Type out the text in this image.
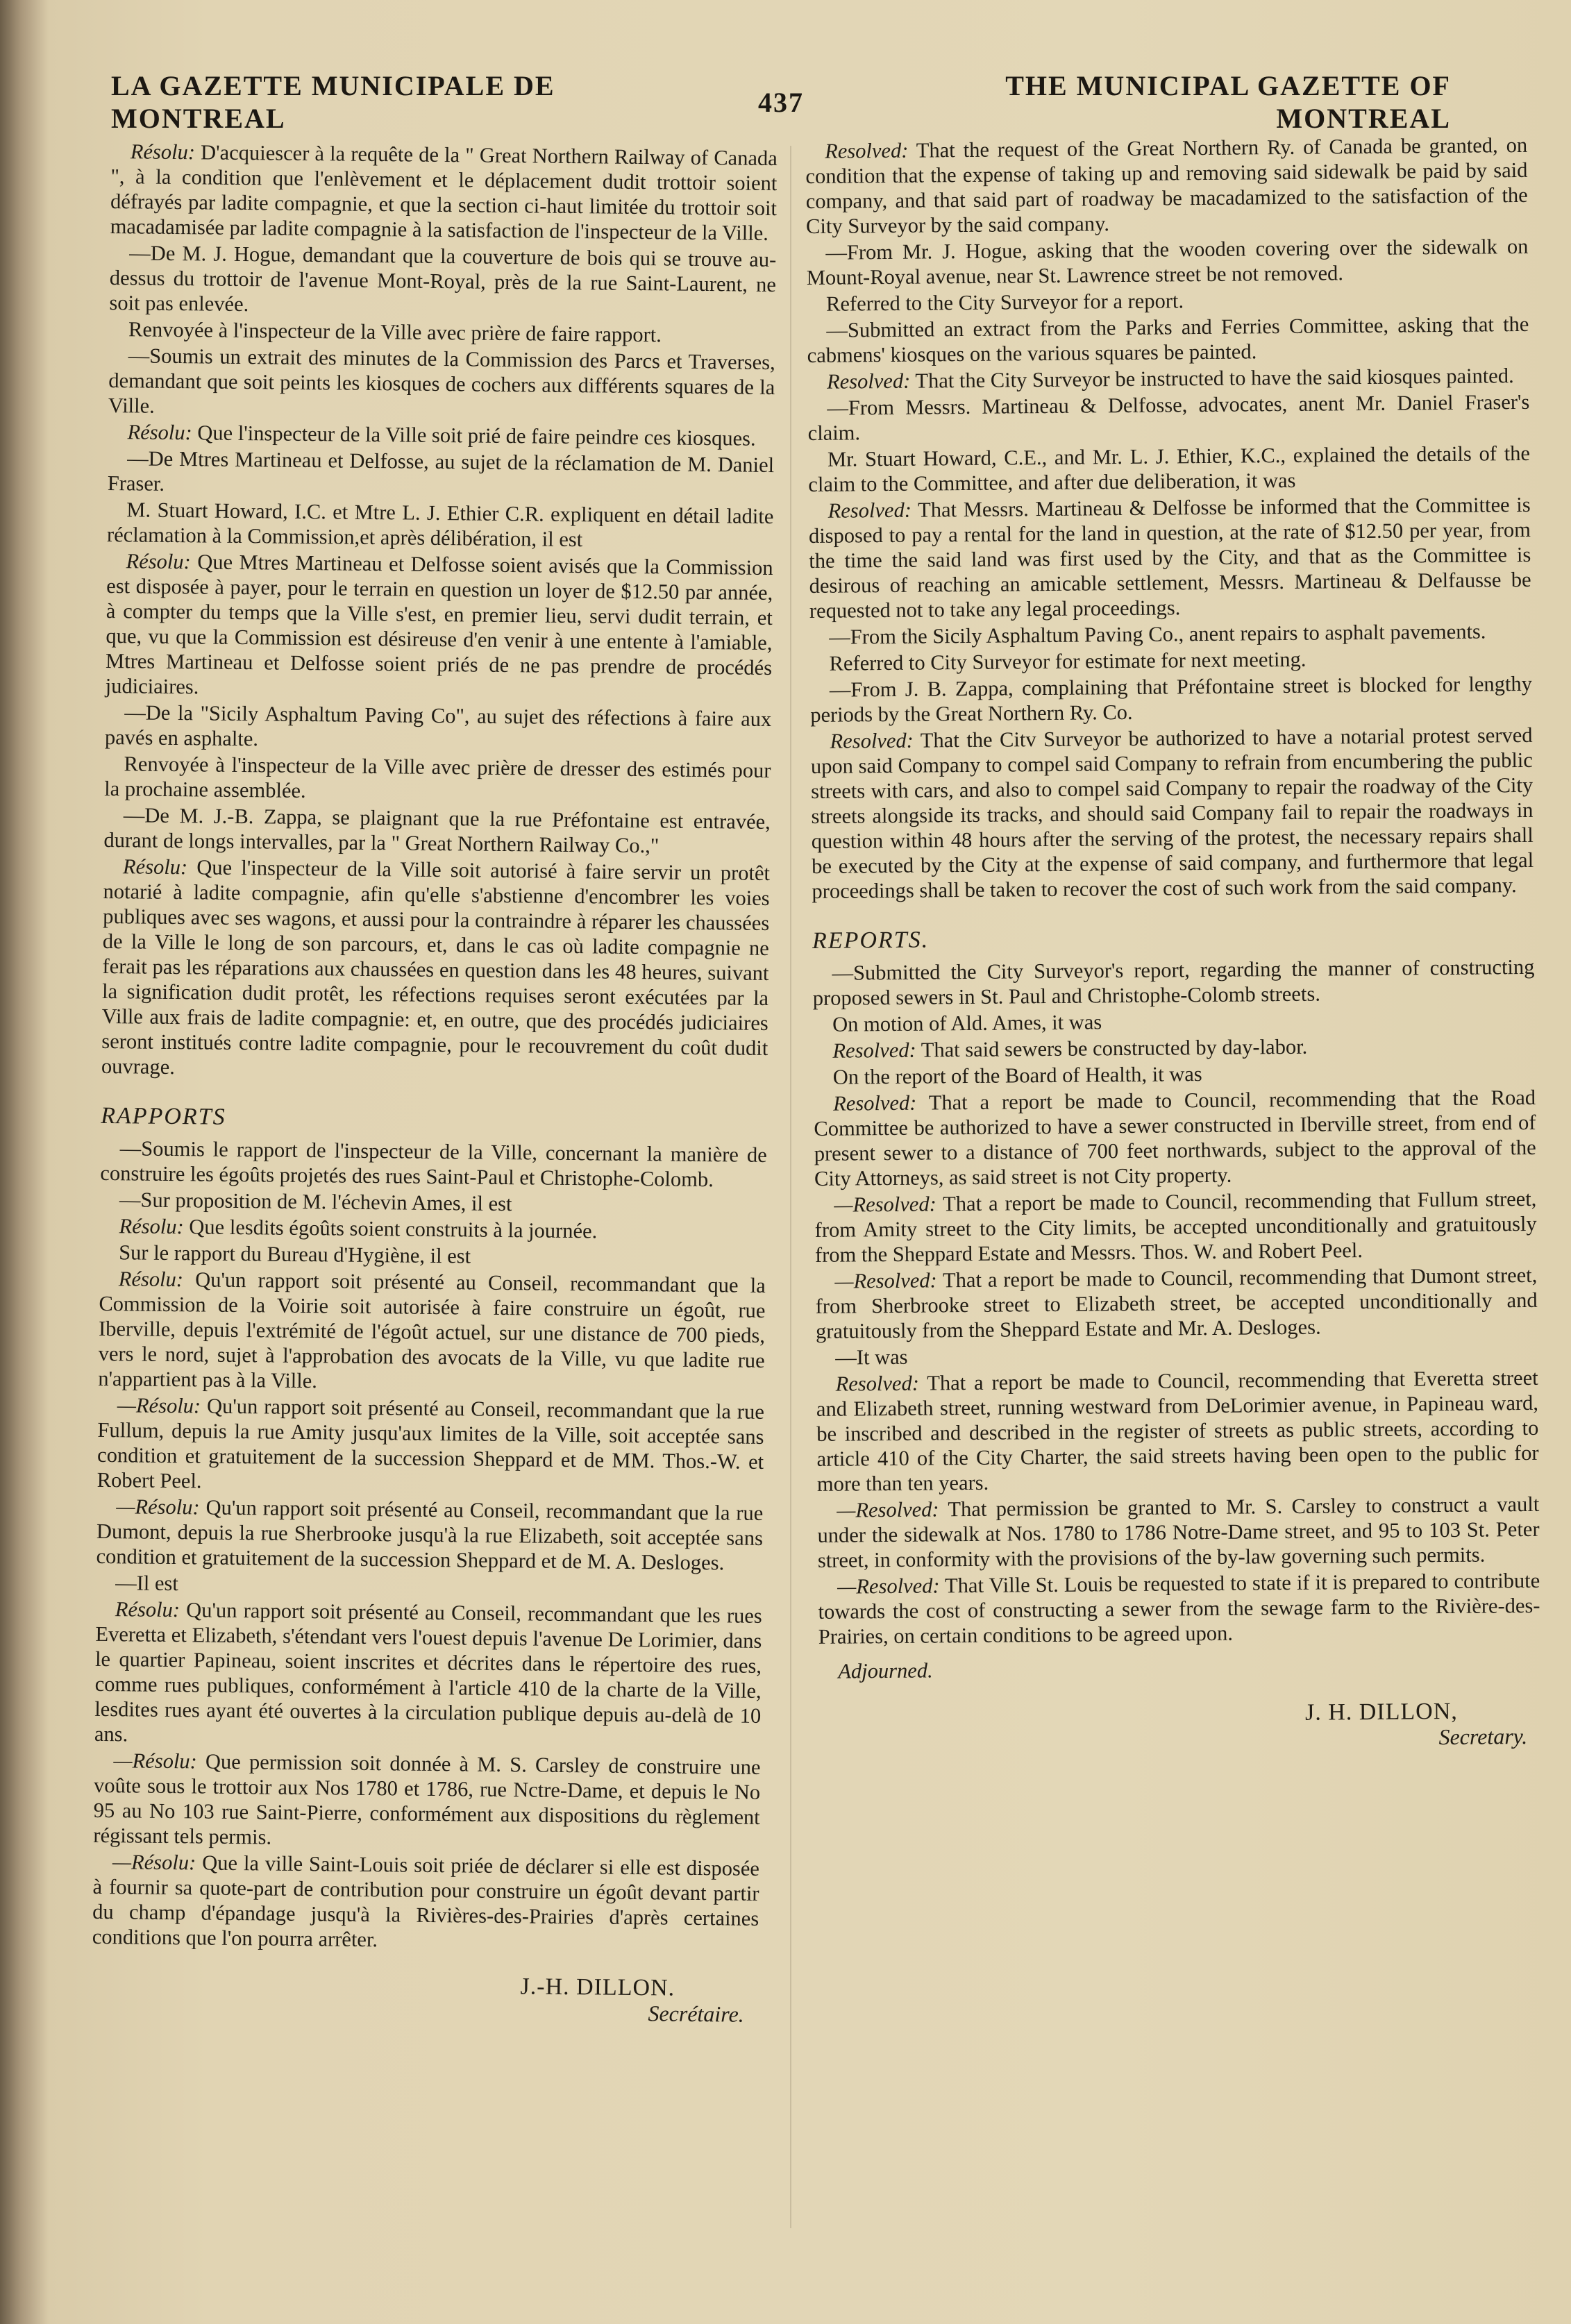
LA GAZETTE MUNICIPALE DE MONTREAL
437
THE MUNICIPAL GAZETTE OF MONTREAL

Résolu: D'acquiescer à la requête de la " Great Northern Railway of Canada ", à la condition que l'enlèvement et le déplacement dudit trottoir soient défrayés par ladite compagnie, et que la section ci-haut limitée du trottoir soit macadamisée par ladite compagnie à la satisfaction de l'inspecteur de la Ville.

—De M. J. Hogue, demandant que la couverture de bois qui se trouve au-dessus du trottoir de l'avenue Mont-Royal, près de la rue Saint-Laurent, ne soit pas enlevée.

Renvoyée à l'inspecteur de la Ville avec prière de faire rapport.

—Soumis un extrait des minutes de la Commission des Parcs et Traverses, demandant que soit peints les kiosques de cochers aux différents squares de la Ville.

Résolu: Que l'inspecteur de la Ville soit prié de faire peindre ces kiosques.

—De Mtres Martineau et Delfosse, au sujet de la réclamation de M. Daniel Fraser.

M. Stuart Howard, I.C. et Mtre L. J. Ethier C.R. expliquent en détail ladite réclamation à la Commission,et après délibération, il est

Résolu: Que Mtres Martineau et Delfosse soient avisés que la Commission est disposée à payer, pour le terrain en question un loyer de $12.50 par année, à compter du temps que la Ville s'est, en premier lieu, servi dudit terrain, et que, vu que la Commission est désireuse d'en venir à une entente à l'amiable, Mtres Martineau et Delfosse soient priés de ne pas prendre de procédés judiciaires.

—De la "Sicily Asphaltum Paving Co", au sujet des réfections à faire aux pavés en asphalte.

Renvoyée à l'inspecteur de la Ville avec prière de dresser des estimés pour la prochaine assemblée.

—De M. J.-B. Zappa, se plaignant que la rue Préfontaine est entravée, durant de longs intervalles, par la " Great Northern Railway Co.,"

Résolu: Que l'inspecteur de la Ville soit autorisé à faire servir un protêt notarié à ladite compagnie, afin qu'elle s'abstienne d'encombrer les voies publiques avec ses wagons, et aussi pour la contraindre à réparer les chaussées de la Ville le long de son parcours, et, dans le cas où ladite compagnie ne ferait pas les réparations aux chaussées en question dans les 48 heures, suivant la signification dudit protêt, les réfections requises seront exécutées par la Ville aux frais de ladite compagnie: et, en outre, que des procédés judiciaires seront institués contre ladite compagnie, pour le recouvrement du coût dudit ouvrage.

RAPPORTS

—Soumis le rapport de l'inspecteur de la Ville, concernant la manière de construire les égoûts projetés des rues Saint-Paul et Christophe-Colomb.

—Sur proposition de M. l'échevin Ames, il est

Résolu: Que lesdits égoûts soient construits à la journée.

Sur le rapport du Bureau d'Hygiène, il est

Résolu: Qu'un rapport soit présenté au Conseil, recommandant que la Commission de la Voirie soit autorisée à faire construire un égoût, rue Iberville, depuis l'extrémité de l'égoût actuel, sur une distance de 700 pieds, vers le nord, sujet à l'approbation des avocats de la Ville, vu que ladite rue n'appartient pas à la Ville.

—Résolu: Qu'un rapport soit présenté au Conseil, recommandant que la rue Fullum, depuis la rue Amity jusqu'aux limites de la Ville, soit acceptée sans condition et gratuitement de la succession Sheppard et de MM. Thos.-W. et Robert Peel.

—Résolu: Qu'un rapport soit présenté au Conseil, recommandant que la rue Dumont, depuis la rue Sherbrooke jusqu'à la rue Elizabeth, soit acceptée sans condition et gratuitement de la succession Sheppard et de M. A. Desloges.

—Il est

Résolu: Qu'un rapport soit présenté au Conseil, recommandant que les rues Everetta et Elizabeth, s'étendant vers l'ouest depuis l'avenue De Lorimier, dans le quartier Papineau, soient inscrites et décrites dans le répertoire des rues, comme rues publiques, conformément à l'article 410 de la charte de la Ville, lesdites rues ayant été ouvertes à la circulation publique depuis au-delà de 10 ans.

—Résolu: Que permission soit donnée à M. S. Carsley de construire une voûte sous le trottoir aux Nos 1780 et 1786, rue Nctre-Dame, et depuis le No 95 au No 103 rue Saint-Pierre, conformément aux dispositions du règlement régissant tels permis.

—Résolu: Que la ville Saint-Louis soit priée de déclarer si elle est disposée à fournir sa quote-part de contribution pour construire un égoût devant partir du champ d'épandage jusqu'à la Rivières-des-Prairies d'après certaines conditions que l'on pourra arrêter.

J.-H. DILLON.
Secrétaire.

Resolved: That the request of the Great Northern Ry. of Canada be granted, on condition that the expense of taking up and removing said sidewalk be paid by said company, and that said part of roadway be macadamized to the satisfaction of the City Surveyor by the said company.

—From Mr. J. Hogue, asking that the wooden covering over the sidewalk on Mount-Royal avenue, near St. Lawrence street be not removed.

Referred to the City Surveyor for a report.

—Submitted an extract from the Parks and Ferries Committee, asking that the cabmens' kiosques on the various squares be painted.

Resolved: That the City Surveyor be instructed to have the said kiosques painted.

—From Messrs. Martineau & Delfosse, advocates, anent Mr. Daniel Fraser's claim.

Mr. Stuart Howard, C.E., and Mr. L. J. Ethier, K.C., explained the details of the claim to the Committee, and after due deliberation, it was

Resolved: That Messrs. Martineau & Delfosse be informed that the Committee is disposed to pay a rental for the land in question, at the rate of $12.50 per year, from the time the said land was first used by the City, and that as the Committee is desirous of reaching an amicable settlement, Messrs. Martineau & Delfausse be requested not to take any legal proceedings.

—From the Sicily Asphaltum Paving Co., anent repairs to asphalt pavements.

Referred to City Surveyor for estimate for next meeting.

—From J. B. Zappa, complaining that Préfontaine street is blocked for lengthy periods by the Great Northern Ry. Co.

Resolved: That the Citv Surveyor be authorized to have a notarial protest served upon said Company to compel said Company to refrain from encumbering the public streets with cars, and also to compel said Company to repair the roadway of the City streets alongside its tracks, and should said Company fail to repair the roadways in question within 48 hours after the serving of the protest, the necessary repairs shall be executed by the City at the expense of said company, and furthermore that legal proceedings shall be taken to recover the cost of such work from the said company.

REPORTS.

—Submitted the City Surveyor's report, regarding the manner of constructing proposed sewers in St. Paul and Christophe-Colomb streets.

On motion of Ald. Ames, it was

Resolved: That said sewers be constructed by day-labor.

On the report of the Board of Health, it was

Resolved: That a report be made to Council, recommending that the Road Committee be authorized to have a sewer constructed in Iberville street, from end of present sewer to a distance of 700 feet northwards, subject to the approval of the City Attorneys, as said street is not City property.

—Resolved: That a report be made to Council, recommending that Fullum street, from Amity street to the City limits, be accepted unconditionally and gratuitously from the Sheppard Estate and Messrs. Thos. W. and Robert Peel.

—Resolved: That a report be made to Council, recommending that Dumont street, from Sherbrooke street to Elizabeth street, be accepted unconditionally and gratuitously from the Sheppard Estate and Mr. A. Desloges.

—It was

Resolved: That a report be made to Council, recommending that Everetta street and Elizabeth street, running westward from DeLorimier avenue, in Papineau ward, be inscribed and described in the register of streets as public streets, according to article 410 of the City Charter, the said streets having been open to the public for more than ten years.

—Resolved: That permission be granted to Mr. S. Carsley to construct a vault under the sidewalk at Nos. 1780 to 1786 Notre-Dame street, and 95 to 103 St. Peter street, in conformity with the provisions of the by-law governing such permits.

—Resolved: That Ville St. Louis be requested to state if it is prepared to contribute towards the cost of constructing a sewer from the sewage farm to the Rivière-des-Prairies, on certain conditions to be agreed upon.

Adjourned.
J. H. DILLON,
Secretary.
